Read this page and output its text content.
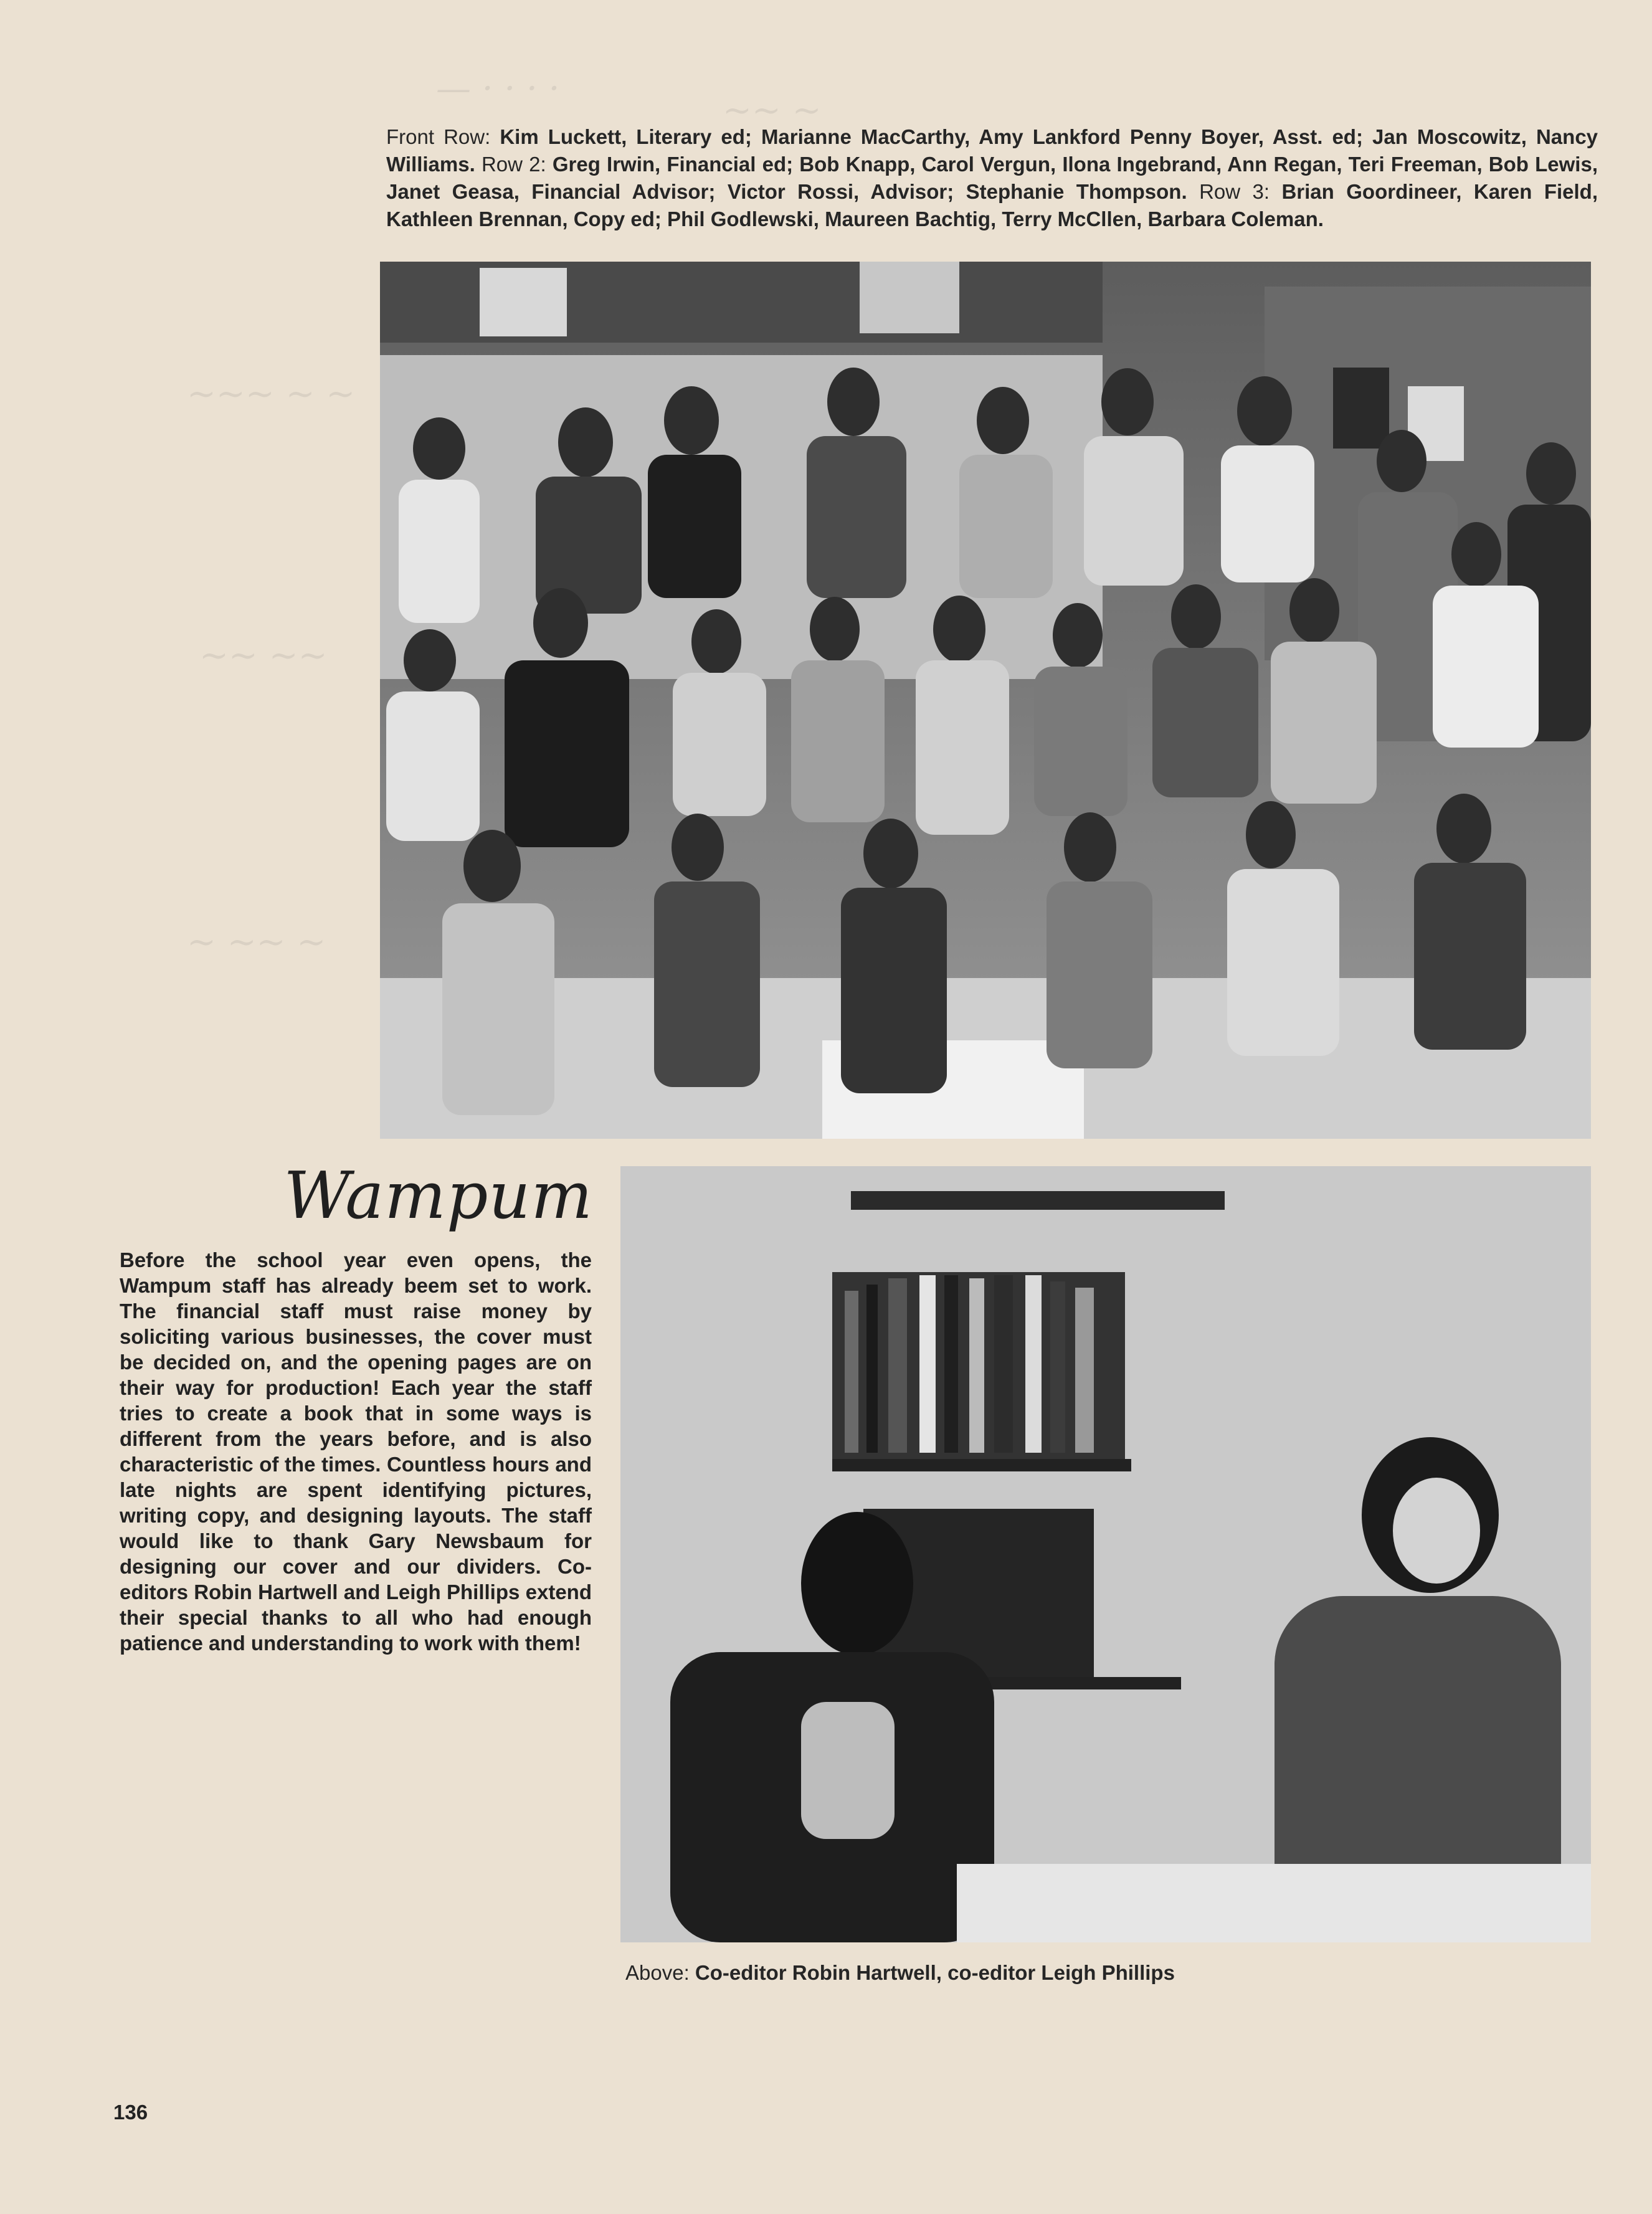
— · · · ·
~~ ~
~~~ ~ ~
~~ ~~
~ ~~ ~
Front Row: Kim Luckett, Literary ed; Marianne MacCarthy, Amy Lankford Penny Boyer, Asst. ed; Jan Moscowitz, Nancy Williams. Row 2: Greg Irwin, Financial ed; Bob Knapp, Carol Vergun, Ilona Ingebrand, Ann Regan, Teri Freeman, Bob Lewis, Janet Geasa, Financial Advisor; Victor Rossi, Advisor; Stephanie Thompson. Row 3: Brian Goordineer, Karen Field, Kathleen Brennan, Copy ed; Phil Godlewski, Maureen Bachtig, Terry McCllen, Barbara Coleman.
Wampum

Before the school year even opens, the Wampum staff has already beem set to work. The financial staff must raise money by soliciting various businesses, the cover must be decided on, and the opening pages are on their way for production! Each year the staff tries to create a book that in some ways is different from the years before, and is also characteristic of the times. Countless hours and late nights are spent identifying pictures, writing copy, and designing layouts. The staff would like to thank Gary Newsbaum for designing our cover and our dividers. Co-editors Robin Hartwell and Leigh Phillips extend their special thanks to all who had enough patience and understanding to work with them!

Above: Co-editor Robin Hartwell, co-editor Leigh Phillips
136
